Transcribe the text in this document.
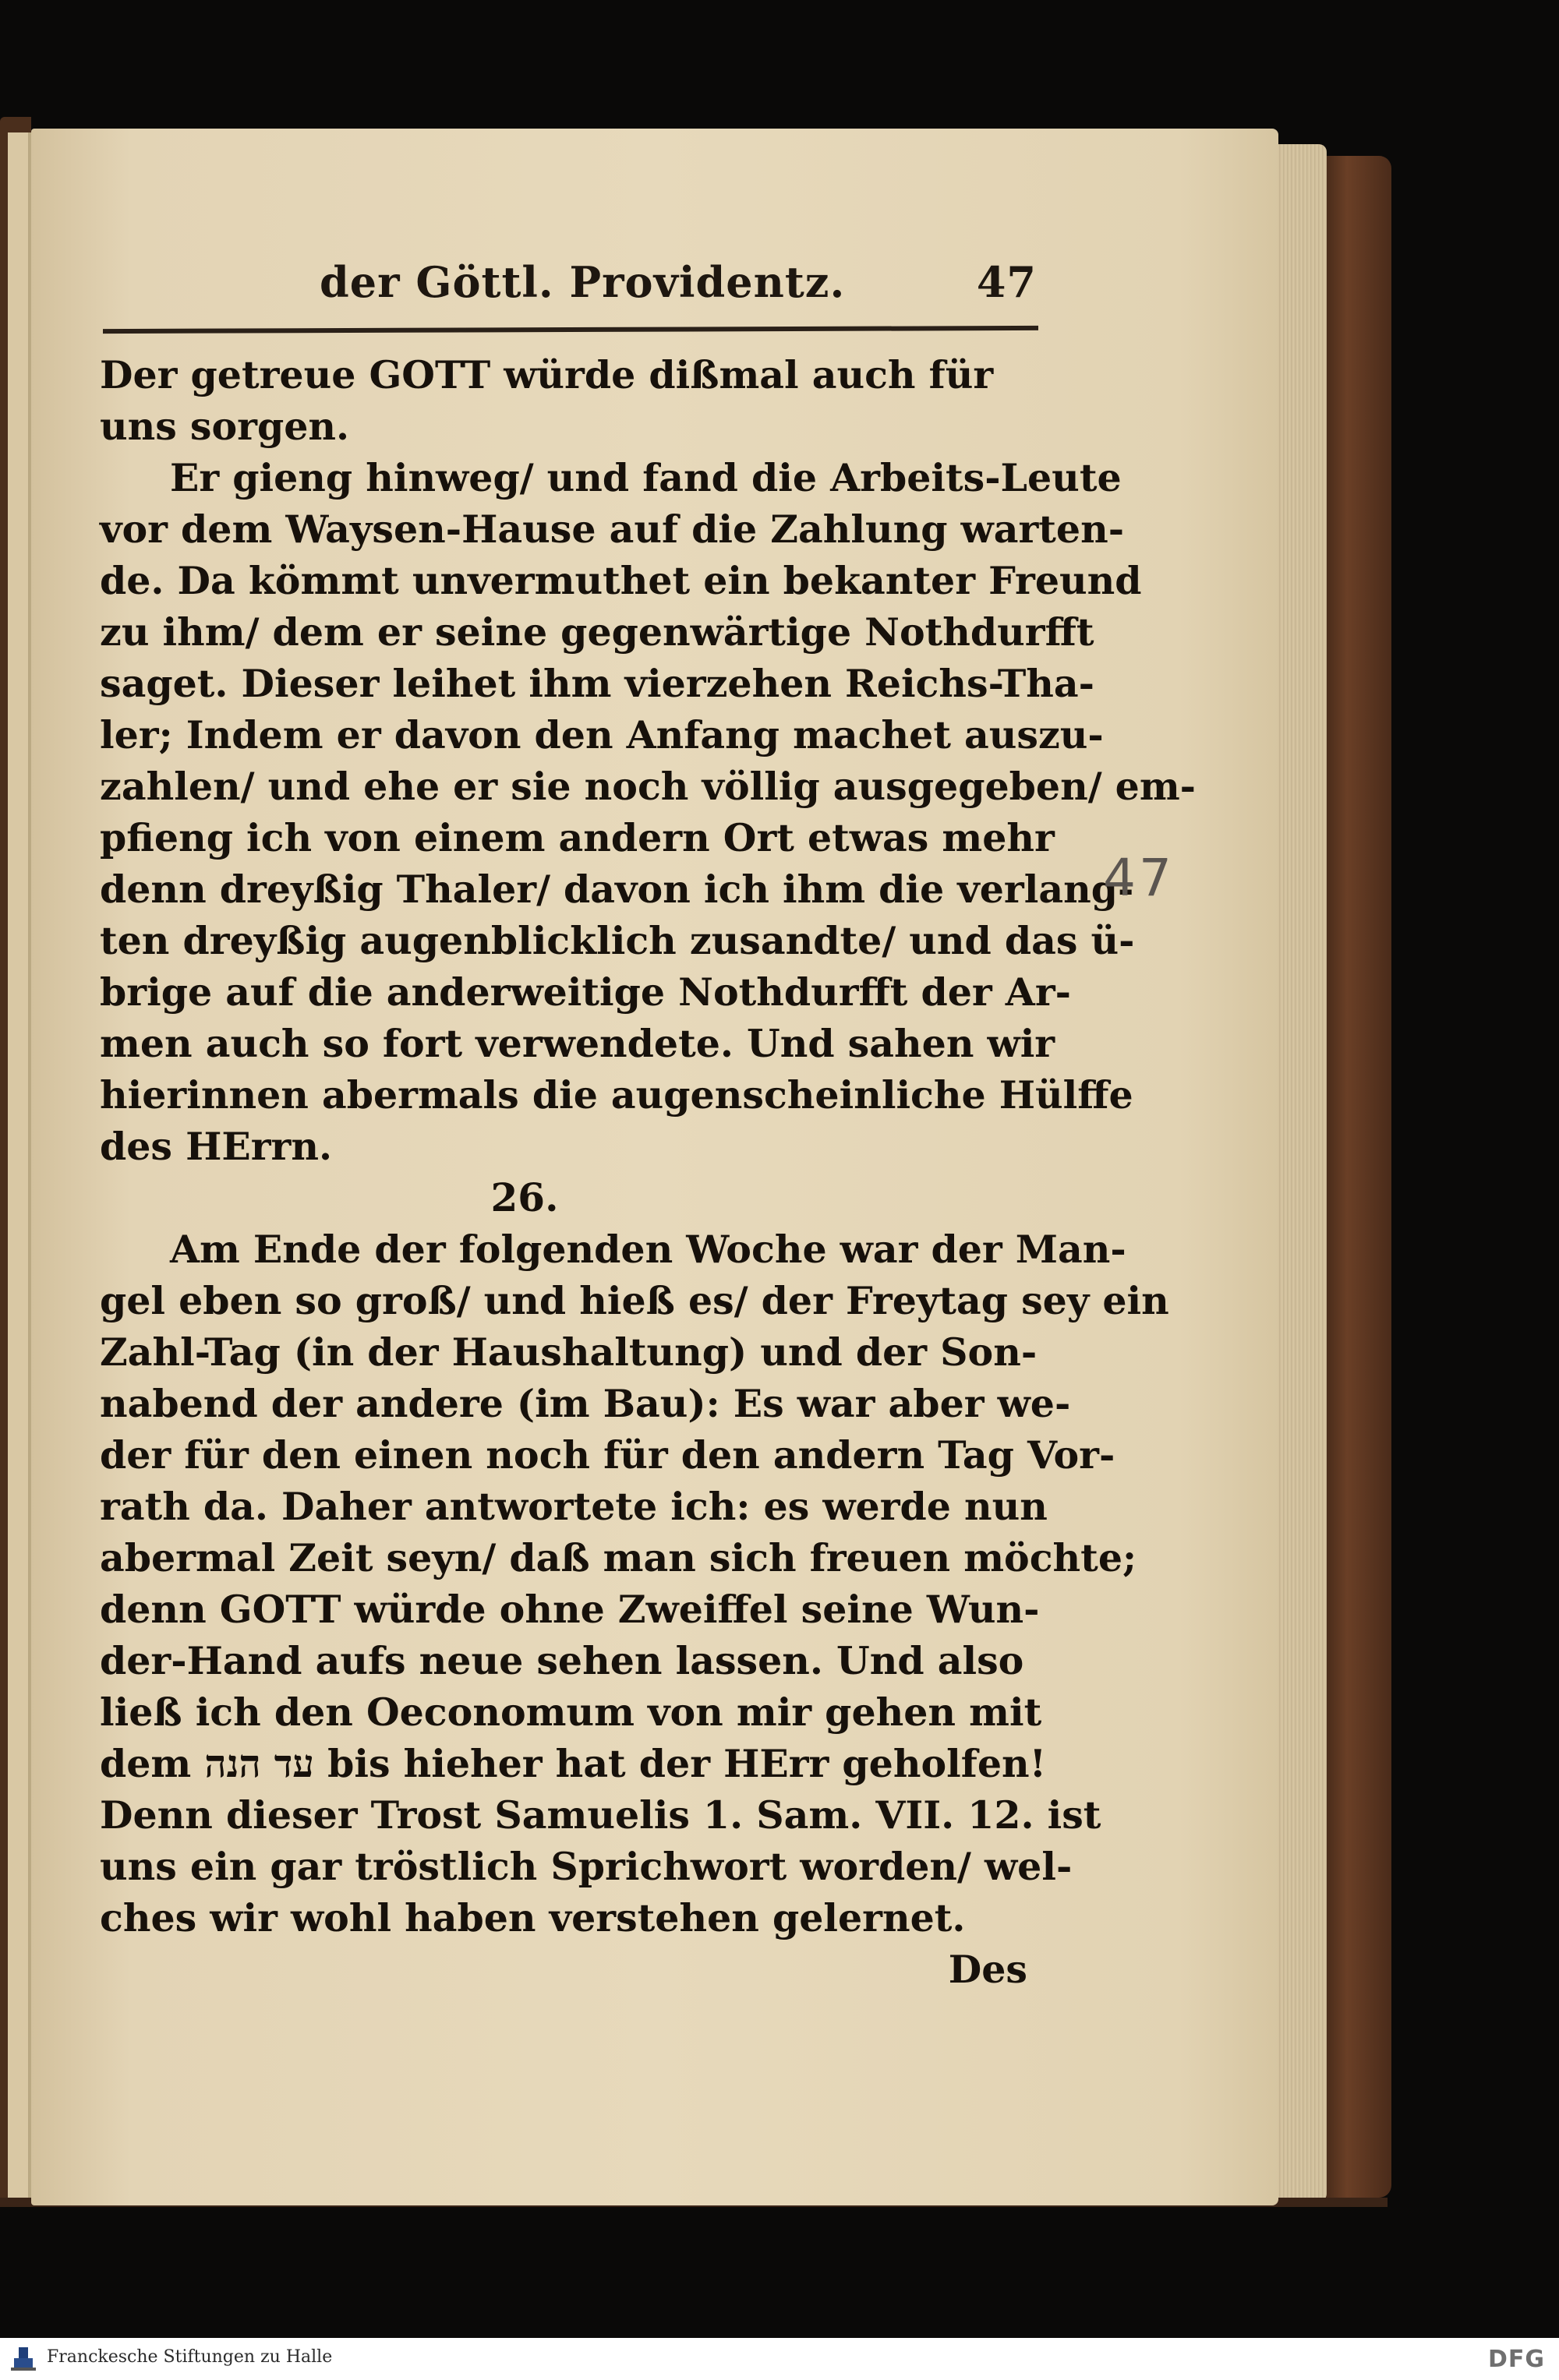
der Göttl. Providentz.	47
Der getreue GOTT würde dißmal auch für
uns sorgen.
Er gieng hinweg/ und fand die Arbeits-Leute
vor dem Waysen-Hause auf die Zahlung warten-
de. Da kömmt unvermuthet ein bekanter Freund
zu ihm/ dem er seine gegenwärtige Nothdurfft
saget. Dieser leihet ihm vierzehen Reichs-Tha-
ler; Indem er davon den Anfang machet auszu-
zahlen/ und ehe er sie noch völlig ausgegeben/ em-
pfieng ich von einem andern Ort etwas mehr
denn dreyßig Thaler/ davon ich ihm die verlang-
ten dreyßig augenblicklich zusandte/ und das ü-
brige auf die anderweitige Nothdurfft der Ar-
men auch so fort verwendete. Und sahen wir
hierinnen abermals die augenscheinliche Hülffe
des HErrn.
26.
Am Ende der folgenden Woche war der Man-
gel eben so groß/ und hieß es/ der Freytag sey ein
Zahl-Tag (in der Haushaltung) und der Son-
nabend der andere (im Bau): Es war aber we-
der für den einen noch für den andern Tag Vor-
rath da. Daher antwortete ich: es werde nun
abermal Zeit seyn/ daß man sich freuen möchte;
denn GOTT würde ohne Zweiffel seine Wun-
der-Hand aufs neue sehen lassen. Und also
ließ ich den Oeconomum von mir gehen mit
dem עד הנה bis hieher hat der HErr geholfen!
Denn dieser Trost Samuelis 1. Sam. VII. 12. ist
uns ein gar tröstlich Sprichwort worden/ wel-
ches wir wohl haben verstehen gelernet.
Des
47
Franckesche Stiftungen zu Halle	DFG
